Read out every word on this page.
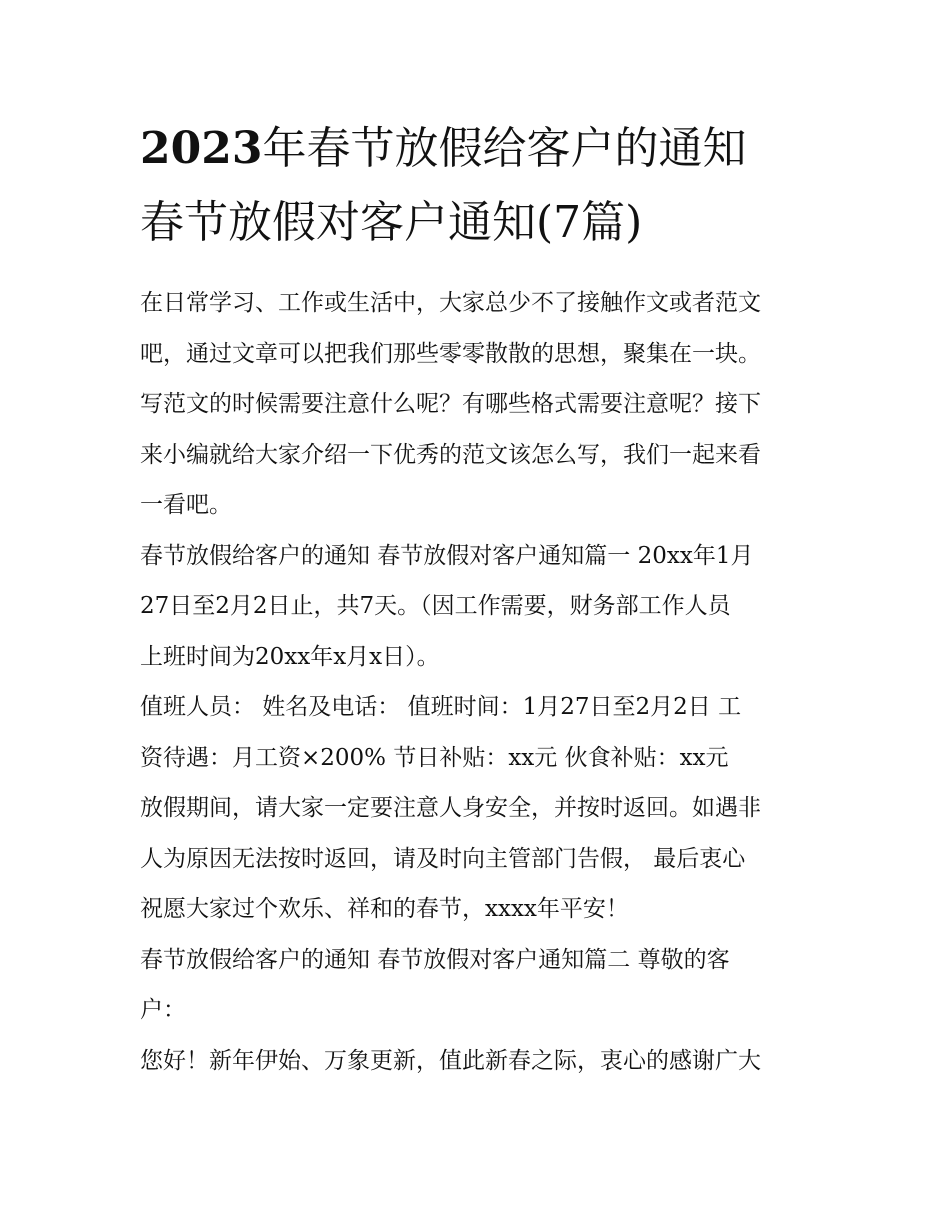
2023年春节放假给客户的通知
春节放假对客户通知(7篇)
在日常学习、工作或生活中，大家总少不了接触作文或者范文
吧，通过文章可以把我们那些零零散散的思想，聚集在一块。
写范文的时候需要注意什么呢？有哪些格式需要注意呢？接下
来小编就给大家介绍一下优秀的范文该怎么写，我们一起来看
一看吧。
春节放假给客户的通知 春节放假对客户通知篇一 20xx年1月
27日至2月2日止，共7天。（因工作需要，财务部工作人员
上班时间为20xx年x月x日）。
值班人员： 姓名及电话： 值班时间：1月27日至2月2日 工
资待遇：月工资×200% 节日补贴：xx元 伙食补贴：xx元
放假期间，请大家一定要注意人身安全，并按时返回。如遇非
人为原因无法按时返回，请及时向主管部门告假， 最后衷心
祝愿大家过个欢乐、祥和的春节，xxxx年平安！
春节放假给客户的通知 春节放假对客户通知篇二 尊敬的客
户：
您好！新年伊始、万象更新，值此新春之际，衷心的感谢广大
